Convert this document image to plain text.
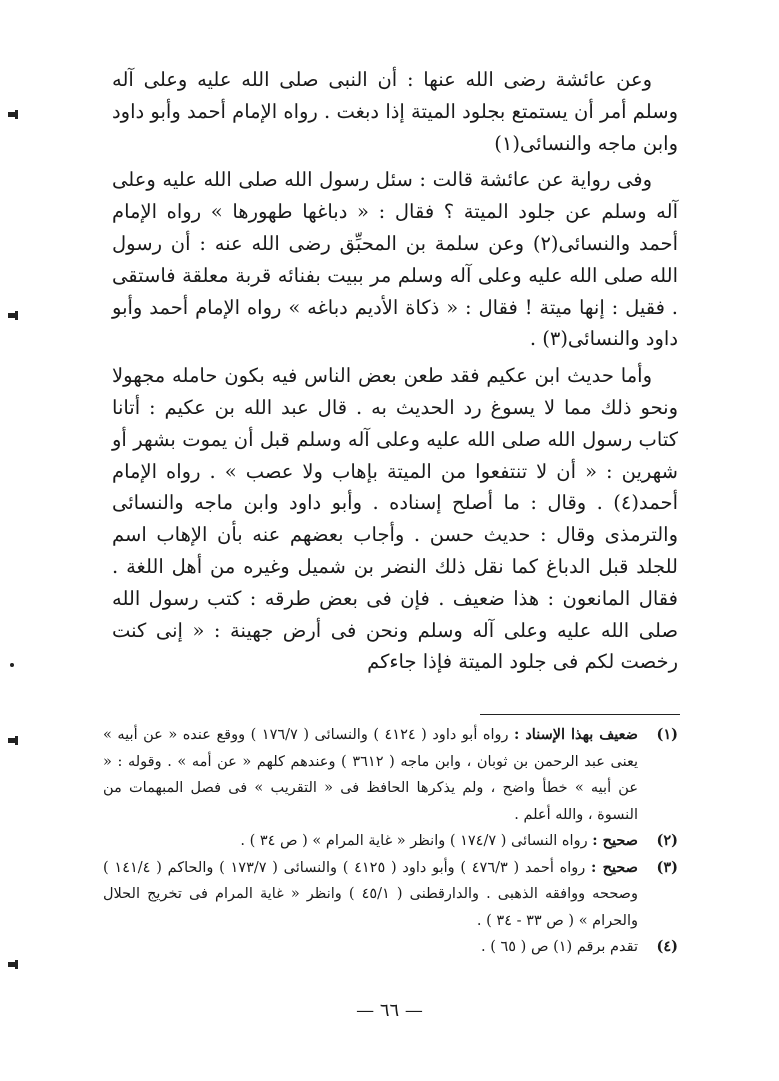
وعن عائشة رضى الله عنها : أن النبى صلى الله عليه وعلى آله وسلم أمر أن يستمتع بجلود الميتة إذا دبغت . رواه الإمام أحمد وأبو داود وابن ماجه والنسائى(١)

وفى رواية عن عائشة قالت : سئل رسول الله صلى الله عليه وعلى آله وسلم عن جلود الميتة ؟ فقال : « دباغها طهورها » رواه الإمام أحمد والنسائى(٢) وعن سلمة بن المحبِّق رضى الله عنه : أن رسول الله صلى الله عليه وعلى آله وسلم مر ببيت بفنائه قربة معلقة فاستقى . فقيل : إنها ميتة ! فقال : « ذكاة الأديم دباغه » رواه الإمام أحمد وأبو داود والنسائى(٣) .

وأما حديث ابن عكيم فقد طعن بعض الناس فيه بكون حامله مجهولا ونحو ذلك مما لا يسوغ رد الحديث به . قال عبد الله بن عكيم : أتانا كتاب رسول الله صلى الله عليه وعلى آله وسلم قبل أن يموت بشهر أو شهرين : « أن لا تنتفعوا من الميتة بإهاب ولا عصب » . رواه الإمام أحمد(٤) . وقال : ما أصلح إسناده . وأبو داود وابن ماجه والنسائى والترمذى وقال : حديث حسن . وأجاب بعضهم عنه بأن الإهاب اسم للجلد قبل الدباغ كما نقل ذلك النضر بن شميل وغيره من أهل اللغة . فقال المانعون : هذا ضعيف . فإن فى بعض طرقه : كتب رسول الله صلى الله عليه وعلى آله وسلم ونحن فى أرض جهينة : « إنى كنت رخصت لكم فى جلود الميتة فإذا جاءكم

(١)
ضعيف بهذا الإسناد : رواه أبو داود ( ٤١٢٤ ) والنسائى ( ١٧٦/٧ ) ووقع عنده « عن أبيه » يعنى عبد الرحمن بن ثوبان ، وابن ماجه ( ٣٦١٢ ) وعندهم كلهم « عن أمه » . وقوله : « عن أبيه » خطأ واضح ، ولم يذكرها الحافظ فى « التقريب » فى فصل المبهمات من النسوة ، والله أعلم .
(٢)
صحيح : رواه النسائى ( ١٧٤/٧ ) وانظر « غاية المرام » ( ص ٣٤ ) .
(٣)
صحيح : رواه أحمد ( ٤٧٦/٣ ) وأبو داود ( ٤١٢٥ ) والنسائى ( ١٧٣/٧ ) والحاكم ( ١٤١/٤ ) وصححه ووافقه الذهبى . والدارقطنى ( ٤٥/١ ) وانظر « غاية المرام فى تخريج الحلال والحرام » ( ص ٣٣ - ٣٤ ) .
(٤)
تقدم برقم (١) ص ( ٦٥ ) .
— ٦٦ —
